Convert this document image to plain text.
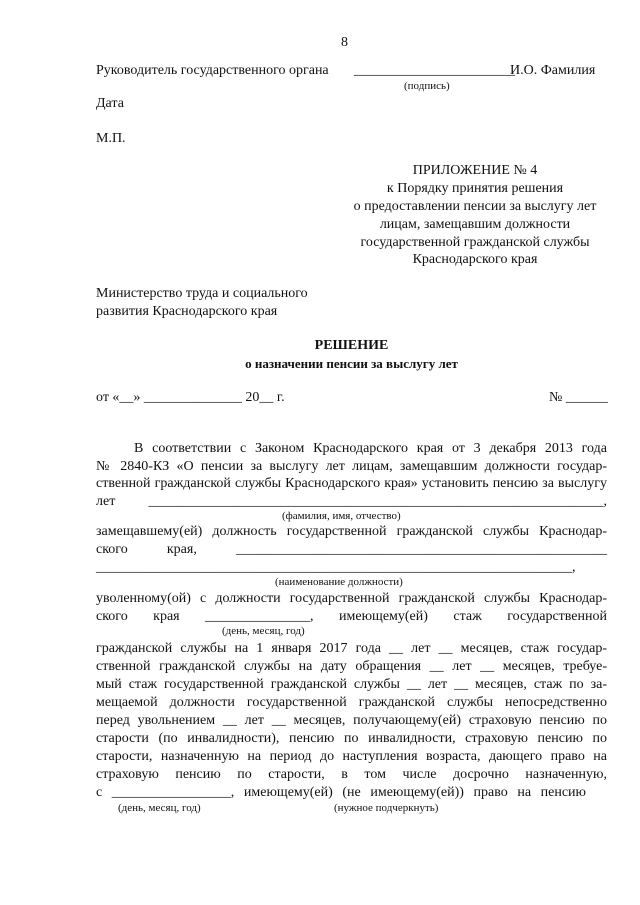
8
Руководитель государственного органа _______________________
И.О. Фамилия
(подпись)
Дата
М.П.
ПРИЛОЖЕНИЕ № 4
к Порядку принятия решения
о предоставлении пенсии за выслугу лет
лицам, замещавшим должности
государственной гражданской службы
Краснодарского края
Министерство труда и социального
развития Краснодарского края
РЕШЕНИЕ
о назначении пенсии за выслугу лет
от «__» ______________ 20__ г.	№ ______
В соответствии с Законом Краснодарского края от 3 декабря 2013 года
№ 2840-КЗ «О пенсии за выслугу лет лицам, замещавшим должности государ-
ственной гражданской службы Краснодарского края» установить пенсию за выслугу
лет _________________________________________________________________,
(фамилия, имя, отчество)
замещавшему(ей) должность государственной гражданской службы Краснодар-
ского края, _____________________________________________________
____________________________________________________________________,
(наименование должности)
уволенному(ой) с должности государственной гражданской службы Краснодар-
ского края _______________, имеющему(ей) стаж государственной
(день, месяц, год)
гражданской службы на 1 января 2017 года __ лет __ месяцев, стаж государ-
ственной гражданской службы на дату обращения __ лет __ месяцев, требуе-
мый стаж государственной гражданской службы __ лет __ месяцев, стаж по за-
мещаемой должности государственной гражданской службы непосредственно
перед увольнением __ лет __ месяцев, получающему(ей) страховую пенсию по
старости (по инвалидности), пенсию по инвалидности, страховую пенсию по
старости, назначенную на период до наступления возраста, дающего право на
страховую пенсию по старости, в том числе досрочно назначенную,
с _________________, имеющему(ей) (не имеющему(ей)) право на пенсию
(день, месяц, год)	(нужное подчеркнуть)
